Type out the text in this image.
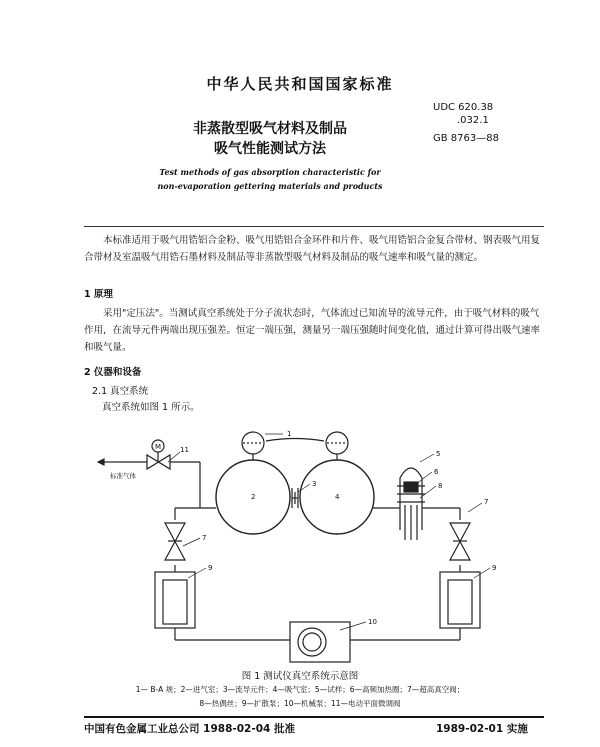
中华人民共和国国家标准
非蒸散型吸气材料及制品
吸气性能测试方法
UDC 620.38
.032.1
GB 8763—88
Test methods of gas absorption characteristic for
non-evaporation gettering materials and products
本标准适用于吸气用锆铝合金粉、吸气用锆铝合金环件和片件、吸气用锆铝合金复合带材、钢表吸气用复合带材及室温吸气用锆石墨材料及制品等非蒸散型吸气材料及制品的吸气速率和吸气量的测定。
1 原理
采用"定压法"。当测试真空系统处于分子流状态时，气体流过已知流导的流导元件，由于吸气材料的吸气作用，在流导元件两端出现压强差。恒定一端压强，测量另一端压强随时间变化值，通过计算可得出吸气速率和吸气量。
2 仪器和设备
2.1 真空系统
真空系统如图 1 所示。
1
2
3
4
5
6
7
7
8
9	9
10
11
M
标准气体
图 1 测试仪真空系统示意图
1— B-A 规；2—进气室；3—流导元件；4—吸气室；5—试样；6—高频加热圈；7—超高真空阀；
8—热偶丝；9—扩散泵；10—机械泵；11—电动平面微调阀
中国有色金属工业总公司 1988-02-04 批准	1989-02-01 实施
